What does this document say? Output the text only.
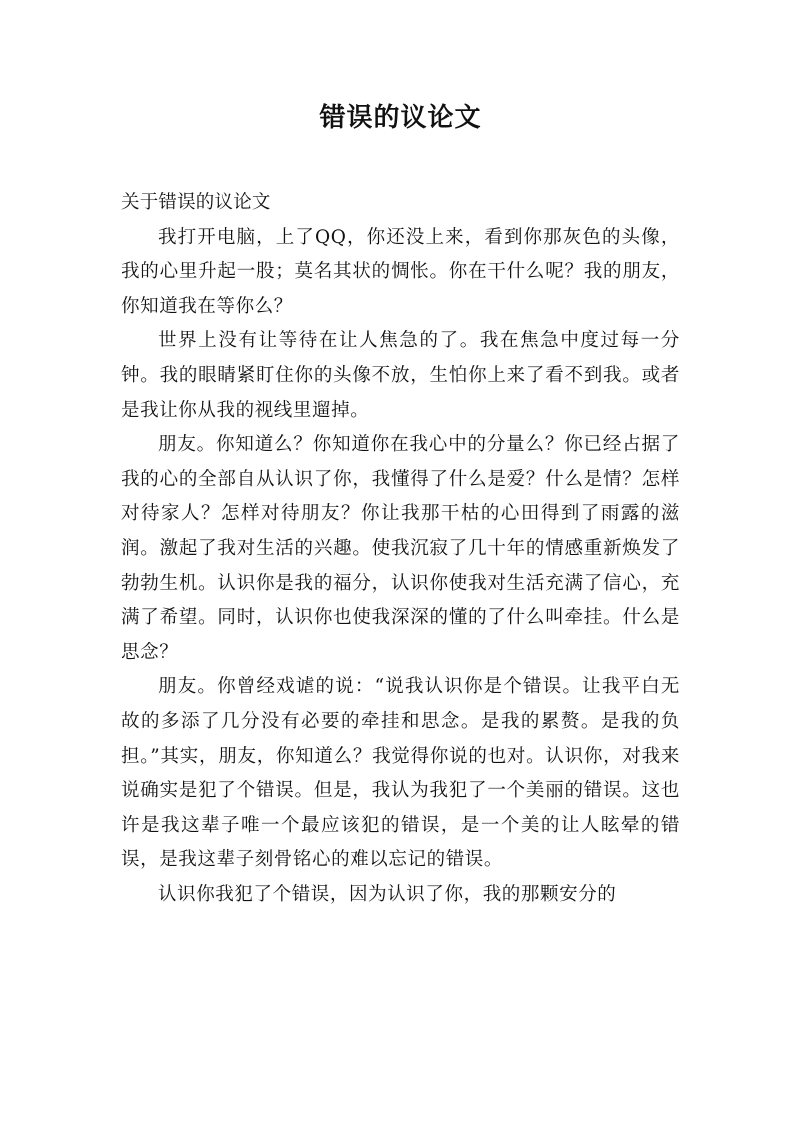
错误的议论文

关于错误的议论文

我打开电脑，上了QQ，你还没上来，看到你那灰色的头像，我的心里升起一股；莫名其状的惆怅。你在干什么呢？我的朋友，你知道我在等你么？

世界上没有让等待在让人焦急的了。我在焦急中度过每一分钟。我的眼睛紧盯住你的头像不放，生怕你上来了看不到我。或者是我让你从我的视线里遛掉。

朋友。你知道么？你知道你在我心中的分量么？你已经占据了我的心的全部自从认识了你，我懂得了什么是爱？什么是情？怎样对待家人？怎样对待朋友？你让我那干枯的心田得到了雨露的滋润。激起了我对生活的兴趣。使我沉寂了几十年的情感重新焕发了勃勃生机。认识你是我的福分，认识你使我对生活充满了信心，充满了希望。同时，认识你也使我深深的懂的了什么叫牵挂。什么是思念？

朋友。你曾经戏谑的说：“说我认识你是个错误。让我平白无故的多添了几分没有必要的牵挂和思念。是我的累赘。是我的负担。”其实，朋友，你知道么？我觉得你说的也对。认识你，对我来说确实是犯了个错误。但是，我认为我犯了一个美丽的错误。这也许是我这辈子唯一个最应该犯的错误，是一个美的让人眩晕的错误，是我这辈子刻骨铭心的难以忘记的错误。

认识你我犯了个错误，因为认识了你，我的那颗安分的
